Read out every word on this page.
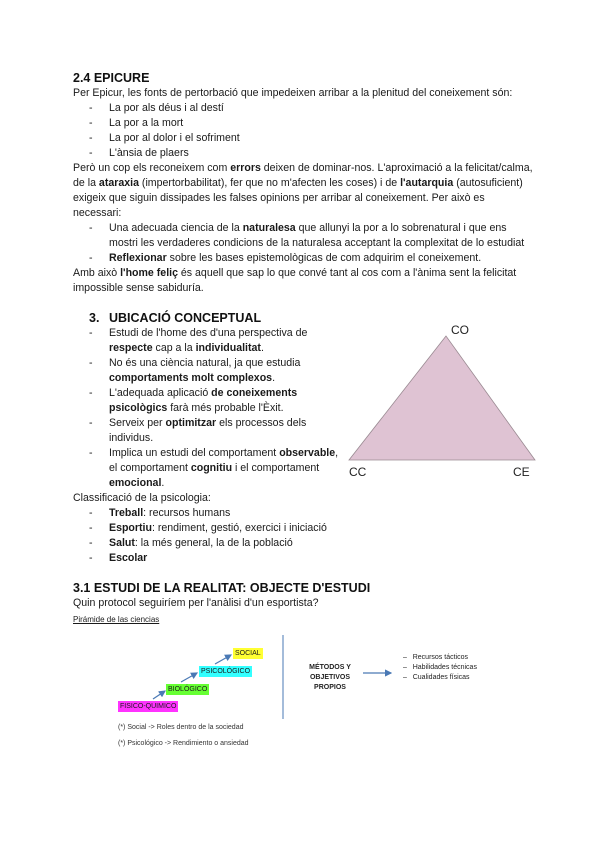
2.4 EPICURE

Per Epicur, les fonts de pertorbació que impedeixen arribar a la plenitud del coneixement són:

- La por als déus i al destí
- La por a la mort
- La por al dolor i el sofriment
- L'ànsia de plaers

Però un cop els reconeixem com errors deixen de dominar-nos. L'aproximació a la felicitat/calma, de la ataraxia (impertorbabilitat), fer que no m'afecten les coses) i de l'autarquia (autosuficient) exigeix que siguin dissipades les falses opinions per arribar al coneixement. Per això es necessari:

- Una adecuada ciencia de la naturalesa que allunyi la por a lo sobrenatural i que ens mostri les verdaderes condicions de la naturalesa acceptant la complexitat de lo estudiat
- Reflexionar sobre les bases epistemològicas de com adquirim el coneixement.

Amb això l'home feliç és aquell que sap lo que convé tant al cos com a l'ànima sent la felicitat impossible sense sabiduría.

3. UBICACIÓ CONCEPTUAL
- Estudi de l'home des d'una perspectiva de respecte cap a la individualitat.
- No és una ciència natural, ja que estudia comportaments molt complexos.
- L'adequada aplicació de coneixements psicològics farà més probable l'Èxit.
- Serveix per optimitzar els processos dels individus.
- Implica un estudi del comportament observable, el comportament cognitiu i el comportament emocional.
CO
CC	CE

Classificació de la psicologia:

- Treball: recursos humans
- Esportiu: rendiment, gestió, exercici i iniciació
- Salut: la més general, la de la població
- Escolar
3.1 ESTUDI DE LA REALITAT: OBJECTE D'ESTUDI

Quin protocol seguiríem per l'anàlisi d'un esportista?

Pirámide de las ciencias
FISICO-QUIMICO
BIOLÓGICO
PSICOLÓGICO
SOCIAL
MÉTODOS Y
OBJETIVOS PROPIOS
–   Recursos tácticos
–   Habilidades técnicas
–   Cualidades físicas
(*) Social -> Roles dentro de la sociedad
(*) Psicológico -> Rendimiento o ansiedad
